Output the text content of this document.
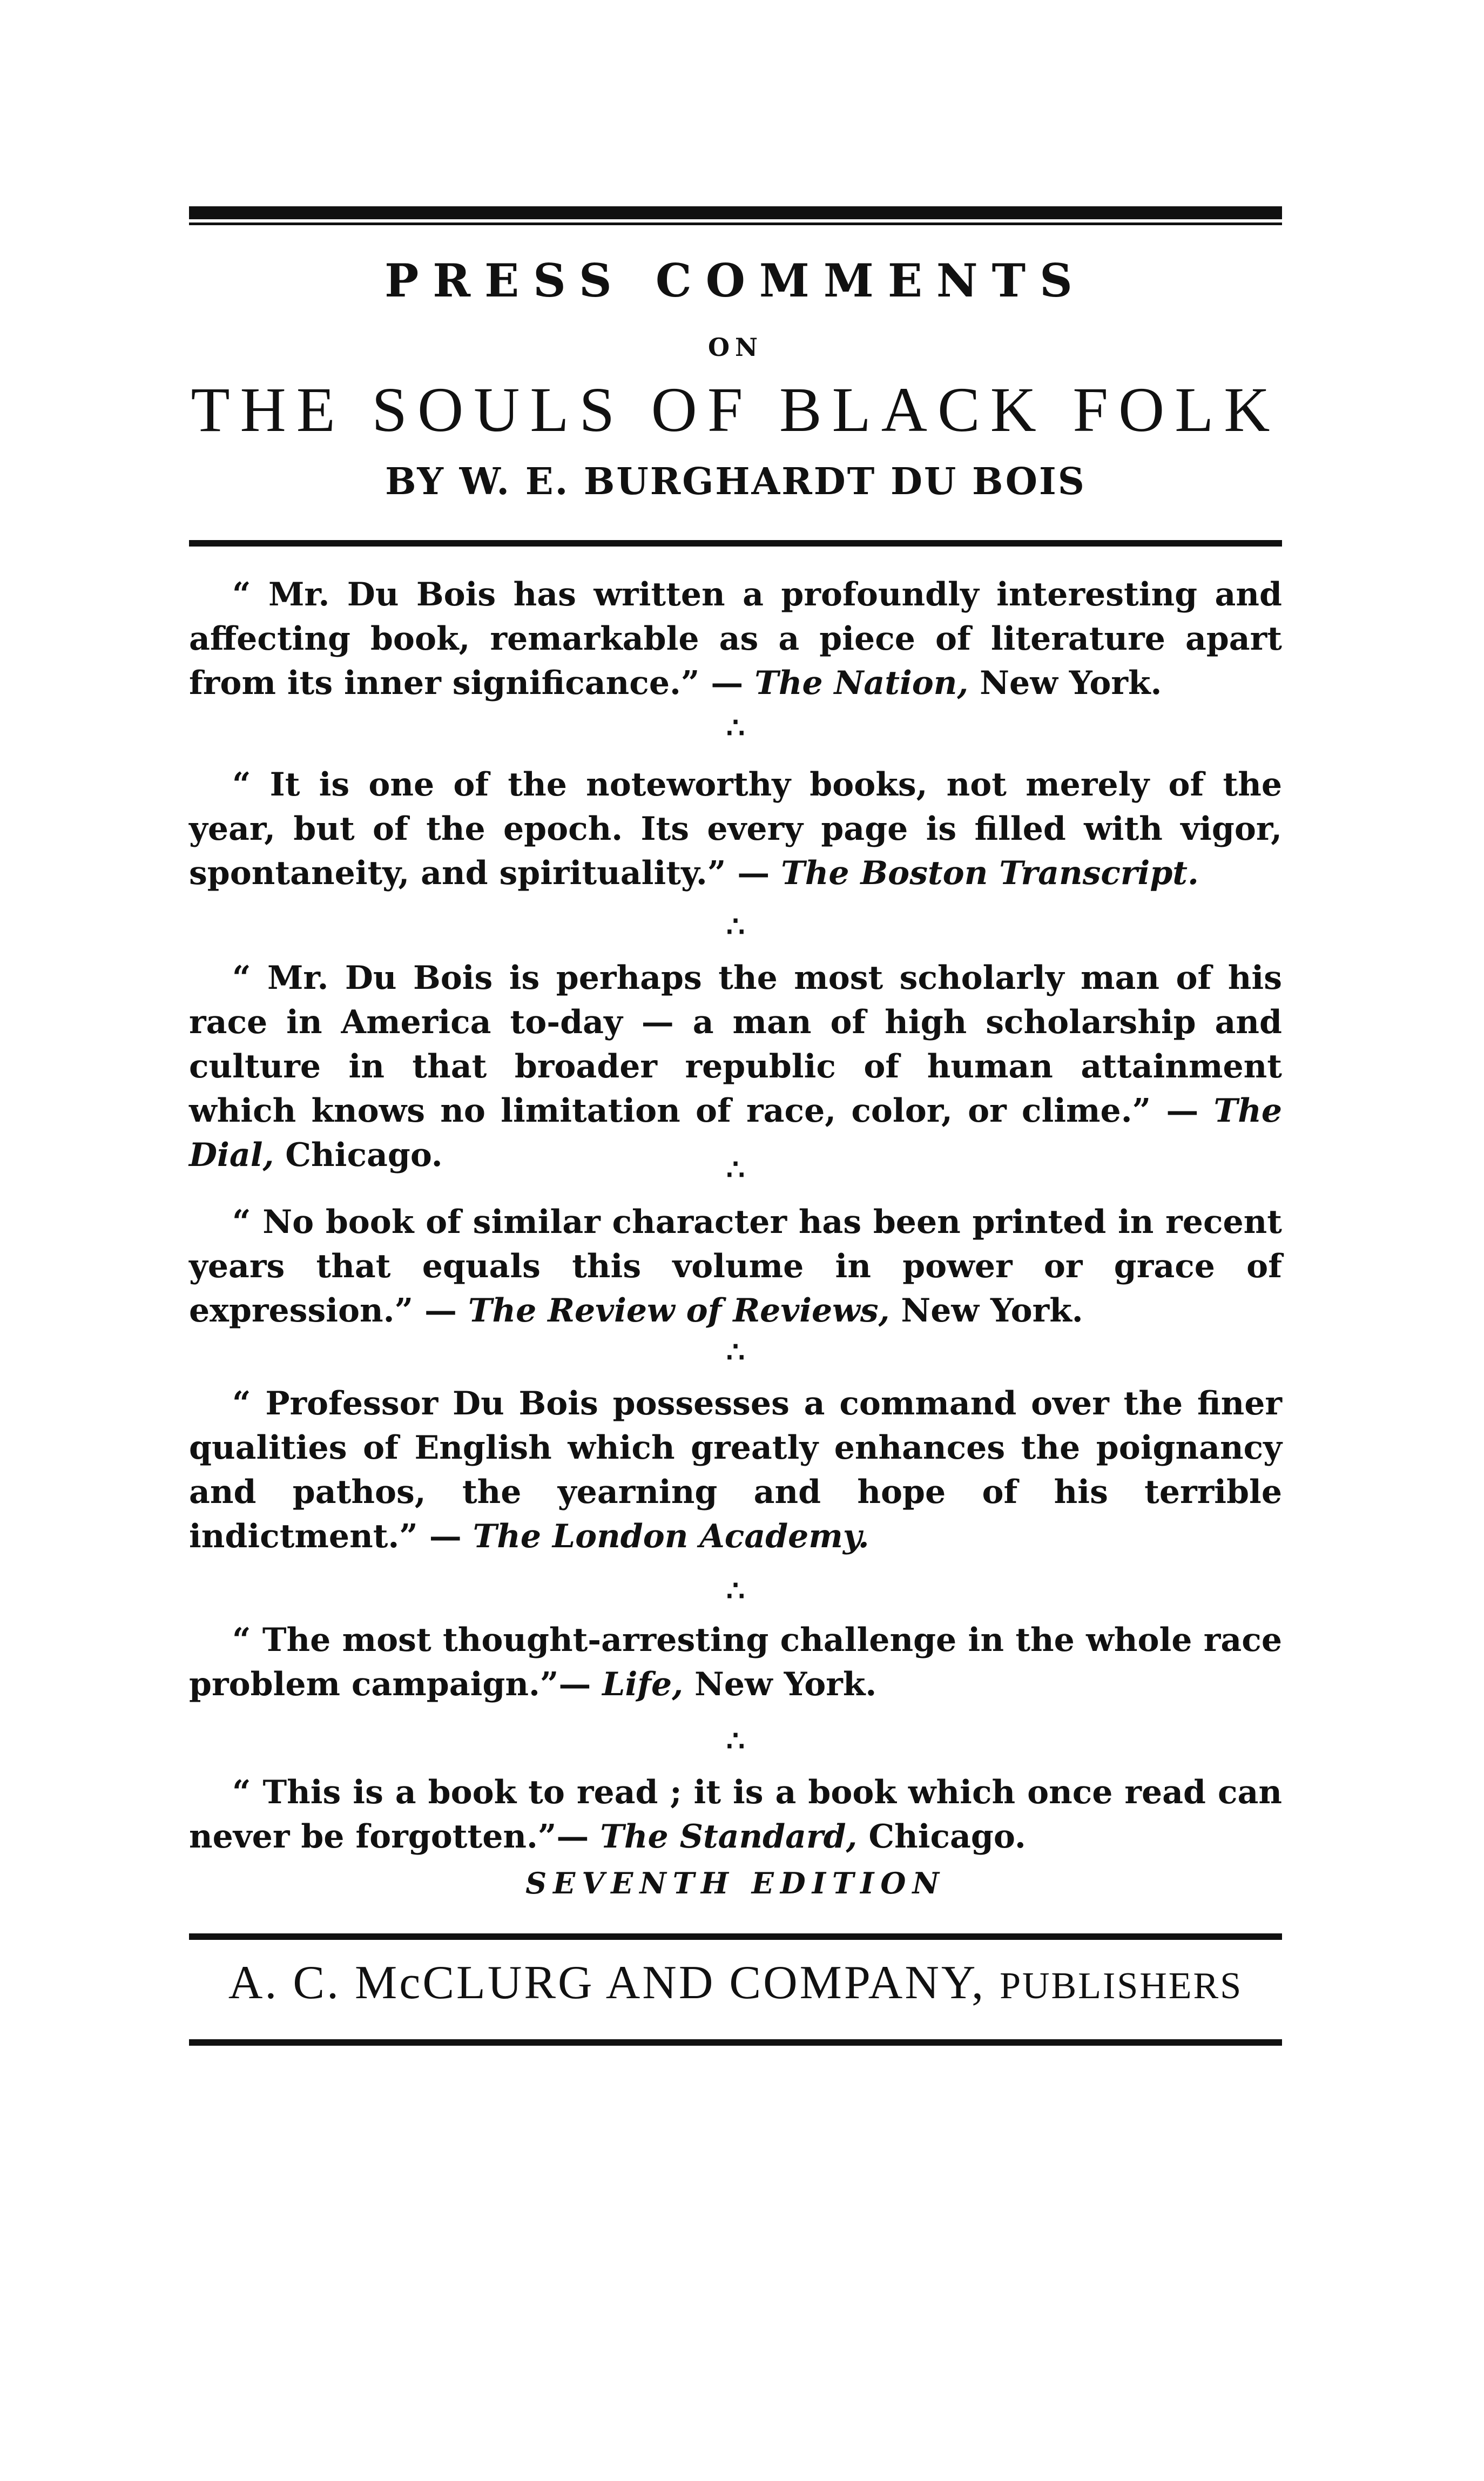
PRESS COMMENTS
ON
THE SOULS OF BLACK FOLK
BY W. E. BURGHARDT DU BOIS

“ Mr. Du Bois has written a profoundly interesting and affecting book, remarkable as a piece of literature apart from its inner significance.” — The Nation, New York.

∴

“ It is one of the noteworthy books, not merely of the year, but of the epoch. Its every page is filled with vigor, spontaneity, and spirituality.” — The Boston Transcript.

∴

“ Mr. Du Bois is perhaps the most scholarly man of his race in America to-day — a man of high scholarship and culture in that broader republic of human attainment which knows no limitation of race, color, or clime.” — The Dial, Chicago.	∴

“ No book of similar character has been printed in recent years that equals this volume in power or grace of expression.” — The Review of Reviews, New York.

∴

“ Professor Du Bois possesses a command over the finer qualities of English which greatly enhances the poignancy and pathos, the yearning and hope of his terrible indictment.” — The London Academy.

∴

“ The most thought-arresting challenge in the whole race problem campaign.”— Life, New York.

∴

“ This is a book to read ; it is a book which once read can never be forgotten.”— The Standard, Chicago.

SEVENTH EDITION
A. C. McCLURG AND COMPANY, PUBLISHERS
